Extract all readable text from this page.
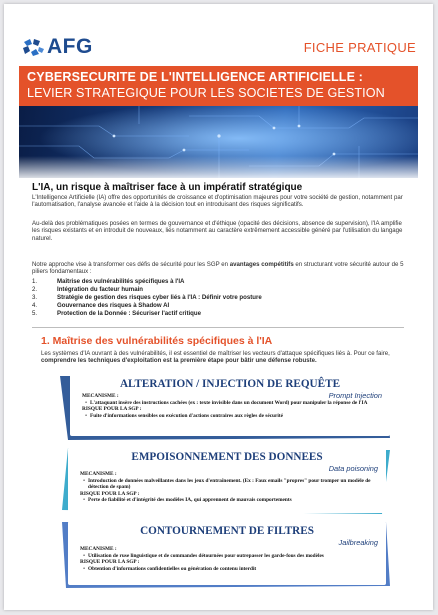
AFG	FICHE PRATIQUE
CYBERSECURITE DE L'INTELLIGENCE ARTIFICIELLE :
LEVIER STRATEGIQUE POUR LES SOCIETES DE GESTION
L'IA, un risque à maîtriser face à un impératif stratégique

L'Intelligence Artificielle (IA) offre des opportunités de croissance et d'optimisation majeures pour votre société de gestion, notamment par l'automatisation, l'analyse avancée et l'aide à la décision tout en introduisant des risques significatifs.

Au-delà des problématiques posées en termes de gouvernance et d'éthique (opacité des décisions, absence de supervision), l'IA amplifie les risques existants et en introduit de nouveaux, liés notamment au caractère extrêmement accessible généré par l'utilisation du langage naturel.

Notre approche vise à transformer ces défis de sécurité pour les SGP en avantages compétitifs en structurant votre sécurité autour de 5 piliers fondamentaux :

1.	Maîtrise des vulnérabilités spécifiques à l'IA
2.	Intégration du facteur humain
3.	Stratégie de gestion des risques cyber liés à l'IA : Définir votre posture
4.	Gouvernance des risques à Shadow AI
5.	Protection de la Donnée : Sécuriser l'actif critique
1. Maîtrise des vulnérabilités spécifiques à l'IA

Les systèmes d'IA ouvrant à des vulnérabilités, il est essentiel de maîtriser les vecteurs d'attaque spécifiques liés à. Pour ce faire, comprendre les techniques d'exploitation est la première étape pour bâtir une défense robuste.

ALTERATION / INJECTION DE REQUÊTE
Prompt Injection
MECANISME :
• L'attaquant insère des instructions cachées (ex : texte invisible dans un document Word) pour manipuler la réponse de l'IA
RISQUE POUR LA SGP :
• Fuite d'informations sensibles ou exécution d'actions contraires aux règles de sécurité
EMPOISONNEMENT DES DONNEES
Data poisoning
MECANISME :
• Introduction de données malveillantes dans les jeux d'entraînement. (Ex : Faux emails "propres" pour tromper un modèle de détection de spam)
RISQUE POUR LA SGP :
• Perte de fiabilité et d'intégrité des modèles IA, qui apprennent de mauvais comportements
CONTOURNEMENT DE FILTRES
Jailbreaking
MECANISME :
• Utilisation de ruse linguistique et de commandes détournées pour outrepasser les garde-fous des modèles
RISQUE POUR LA SGP :
• Obtention d'informations confidentielles ou génération de contenu interdit
